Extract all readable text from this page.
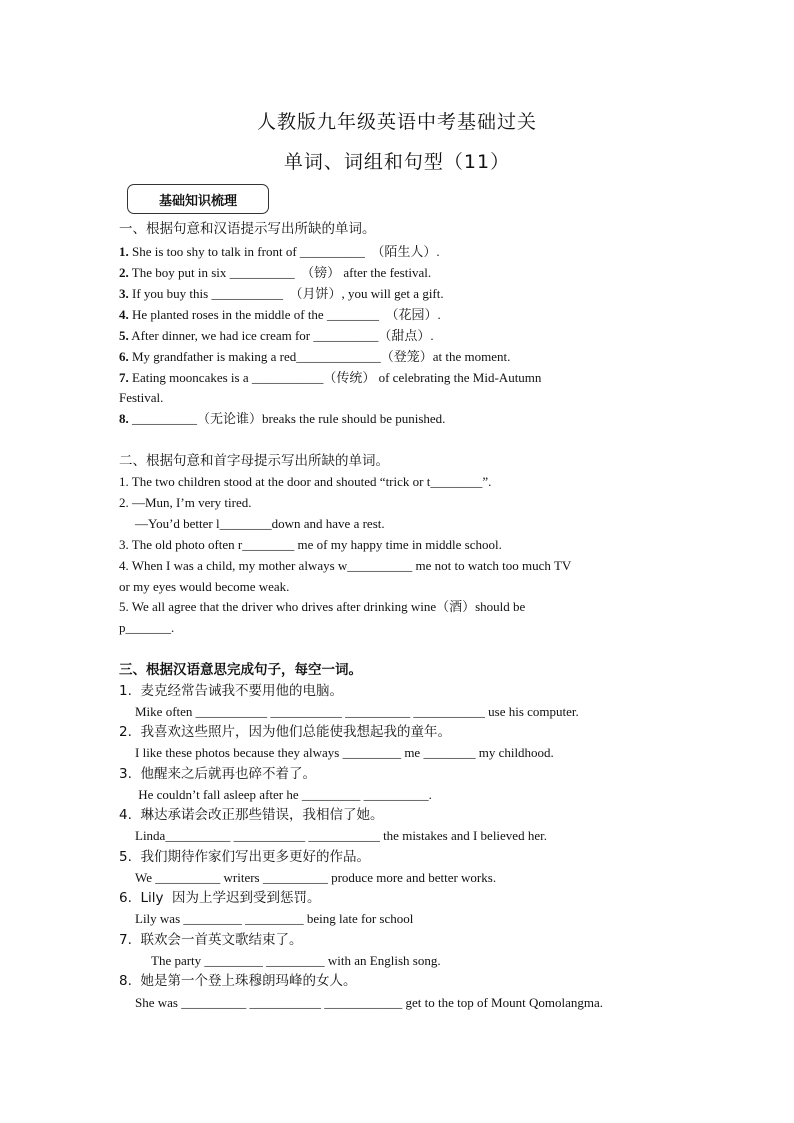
人教版九年级英语中考基础过关
单词、词组和句型（11）
基础知识梳理
一、根据句意和汉语提示写出所缺的单词。
1. She is too shy to talk in front of __________  （陌生人）.
2. The boy put in six __________  （镑） after the festival.
3. If you buy this ___________  （月饼）, you will get a gift.
4. He planted roses in the middle of the ________  （花园）.
5. After dinner, we had ice cream for __________（甜点）.
6. My grandfather is making a red_____________（登笼）at the moment.
7. Eating mooncakes is a ___________（传统） of celebrating the Mid-Autumn
Festival.
8. __________（无论谁）breaks the rule should be punished.
二、根据句意和首字母提示写出所缺的单词。
1. The two children stood at the door and shouted “trick or t________”.
2. —Mun, I’m very tired.
—You’d better l________down and have a rest.
3. The old photo often r________ me of my happy time in middle school.
4. When I was a child, my mother always w__________ me not to watch too much TV
or my eyes would become weak.
5. We all agree that the driver who drives after drinking wine（酒）should be
p_______.
三、根据汉语意思完成句子，每空一词。
1.  麦克经常告诫我不要用他的电脑。
Mike often ___________ ___________ __________ ___________ use his computer.
2.  我喜欢这些照片，因为他们总能使我想起我的童年。
I like these photos because they always _________ me ________ my childhood.
3.  他醒来之后就再也碎不着了。
He couldn’t fall asleep after he _________ __________.
4.  琳达承诺会改正那些错误，我相信了她。
Linda__________ ___________ ___________ the mistakes and I believed her.
5.  我们期待作家们写出更多更好的作品。
We __________ writers __________ produce more and better works.
6.  Lily  因为上学迟到受到惩罚。
Lily was _________ _________ being late for school
7.  联欢会一首英文歌结束了。
The party _________ _________ with an English song.
8.  她是第一个登上珠穆朗玛峰的女人。
She was __________ ___________ ____________ get to the top of Mount Qomolangma.
